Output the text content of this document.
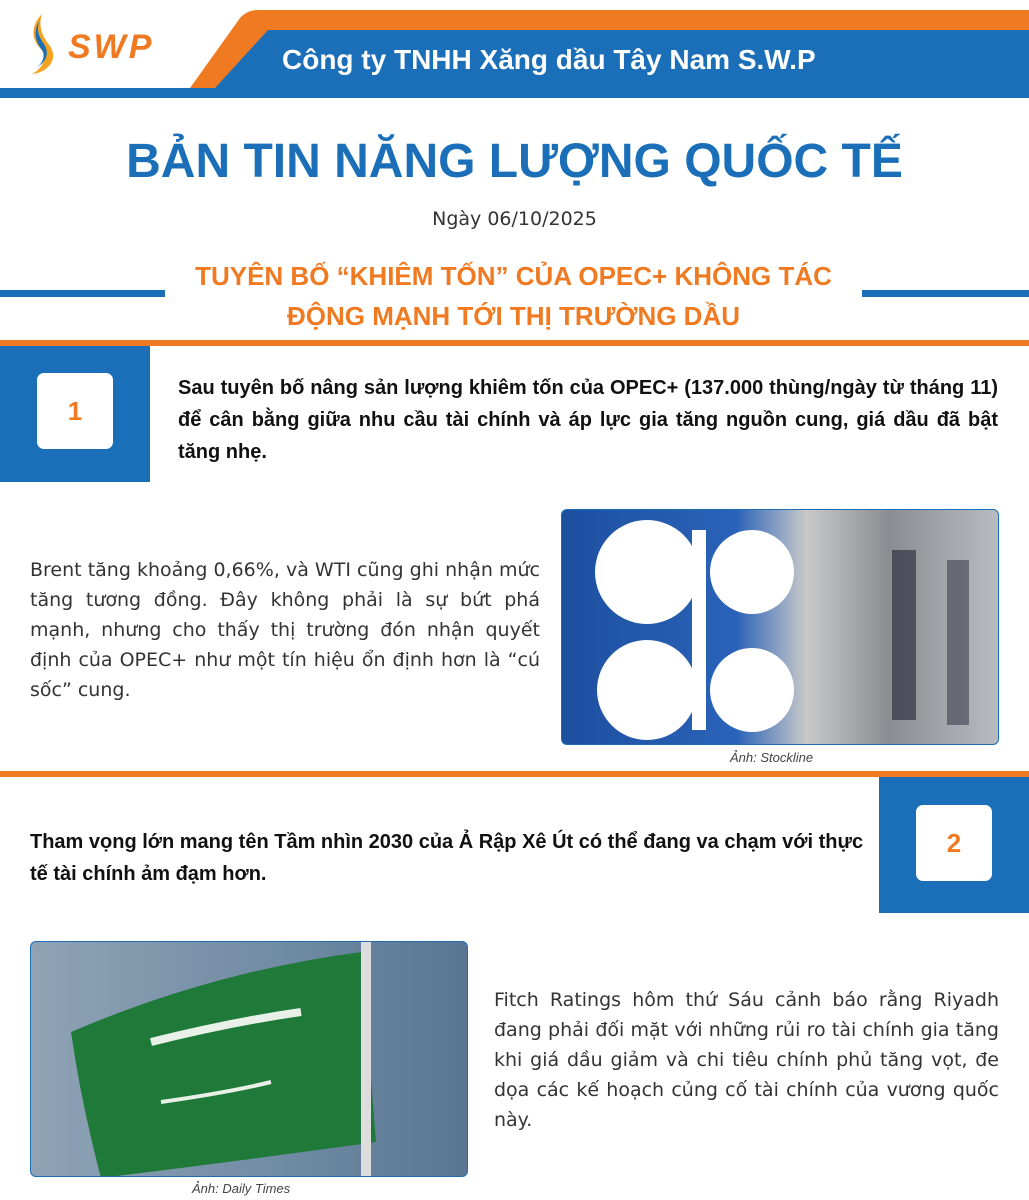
SWP	Công ty TNHH Xăng dầu Tây Nam S.W.P
BẢN TIN NĂNG LƯỢNG QUỐC TẾ
Ngày 06/10/2025
TUYÊN BỐ “KHIÊM TỐN” CỦA OPEC+ KHÔNG TÁC ĐỘNG MẠNH TỚI THỊ TRƯỜNG DẦU
1
Sau tuyên bố nâng sản lượng khiêm tốn của OPEC+ (137.000 thùng/ngày từ tháng 11) để cân bằng giữa nhu cầu tài chính và áp lực gia tăng nguồn cung, giá dầu đã bật tăng nhẹ.
Brent tăng khoảng 0,66%, và WTI cũng ghi nhận mức tăng tương đồng. Đây không phải là sự bứt phá mạnh, nhưng cho thấy thị trường đón nhận quyết định của OPEC+ như một tín hiệu ổn định hơn là “cú sốc” cung.
Ảnh: Stockline
2
Tham vọng lớn mang tên Tầm nhìn 2030 của Ả Rập Xê Út có thể đang va chạm với thực tế tài chính ảm đạm hơn.
Fitch Ratings hôm thứ Sáu cảnh báo rằng Riyadh đang phải đối mặt với những rủi ro tài chính gia tăng khi giá dầu giảm và chi tiêu chính phủ tăng vọt, đe dọa các kế hoạch củng cố tài chính của vương quốc này.
Ảnh: Daily Times
